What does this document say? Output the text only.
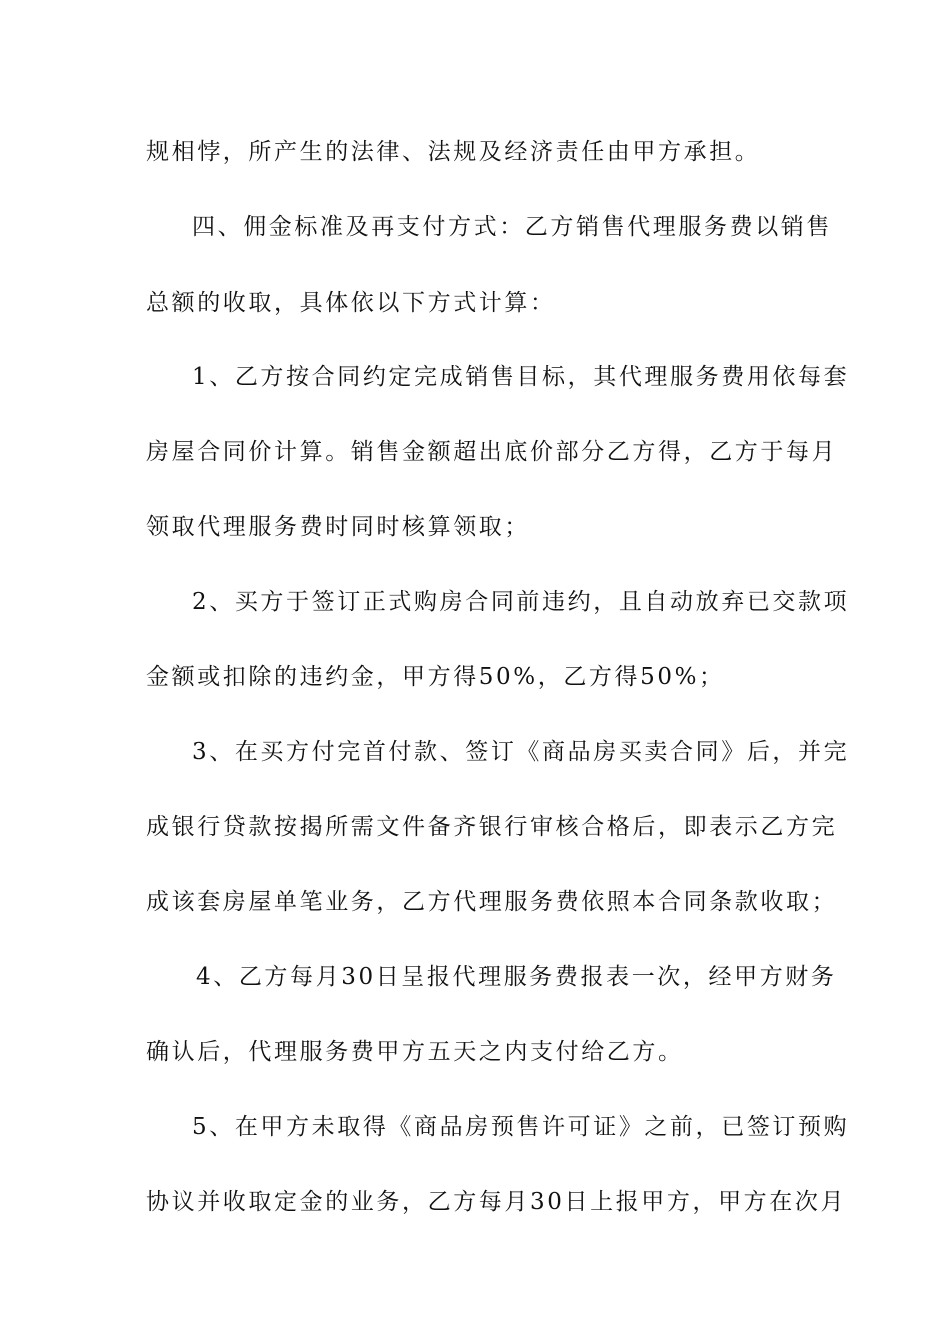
规相悖，所产生的法律、法规及经济责任由甲方承担。
四、佣金标准及再支付方式：乙方销售代理服务费以销售
总额的收取，具体依以下方式计算：
1、乙方按合同约定完成销售目标，其代理服务费用依每套
房屋合同价计算。销售金额超出底价部分乙方得，乙方于每月
领取代理服务费时同时核算领取；
2、买方于签订正式购房合同前违约，且自动放弃已交款项
金额或扣除的违约金，甲方得50%，乙方得50%；
3、在买方付完首付款、签订《商品房买卖合同》后，并完
成银行贷款按揭所需文件备齐银行审核合格后，即表示乙方完
成该套房屋单笔业务，乙方代理服务费依照本合同条款收取；
4、乙方每月30日呈报代理服务费报表一次，经甲方财务
确认后，代理服务费甲方五天之内支付给乙方。
5、在甲方未取得《商品房预售许可证》之前，已签订预购
协议并收取定金的业务，乙方每月30日上报甲方，甲方在次月
